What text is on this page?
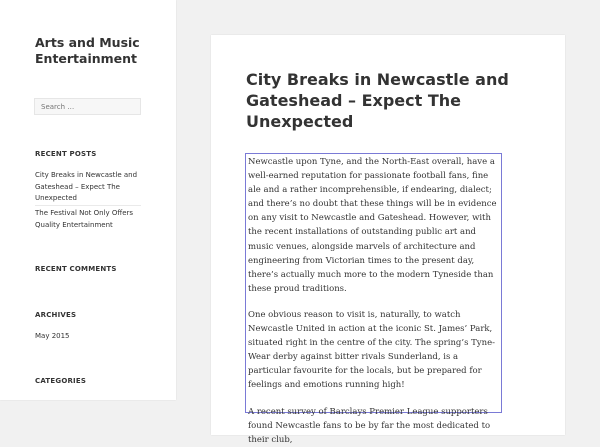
Arts and Music Entertainment
Search …
RECENT POSTS
City Breaks in Newcastle and Gateshead – Expect The Unexpected
The Festival Not Only Offers Quality Entertainment
RECENT COMMENTS
ARCHIVES
May 2015
CATEGORIES
City Breaks in Newcastle and Gateshead – Expect The Unexpected

Newcastle upon Tyne, and the North-East overall, have a well-earned reputation for passionate football fans, fine ale and a rather incomprehensible, if endearing, dialect; and there’s no doubt that these things will be in evidence on any visit to Newcastle and Gateshead. However, with the recent installations of outstanding public art and music venues, alongside marvels of architecture and engineering from Victorian times to the present day, there’s actually much more to the modern Tyneside than these proud traditions.

One obvious reason to visit is, naturally, to watch Newcastle United in action at the iconic St. James’ Park, situated right in the centre of the city. The spring’s Tyne-Wear derby against bitter rivals Sunderland, is a particular favourite for the locals, but be prepared for feelings and emotions running high!

A recent survey of Barclays Premier League supporters found Newcastle fans to be by far the most dedicated to their club,
